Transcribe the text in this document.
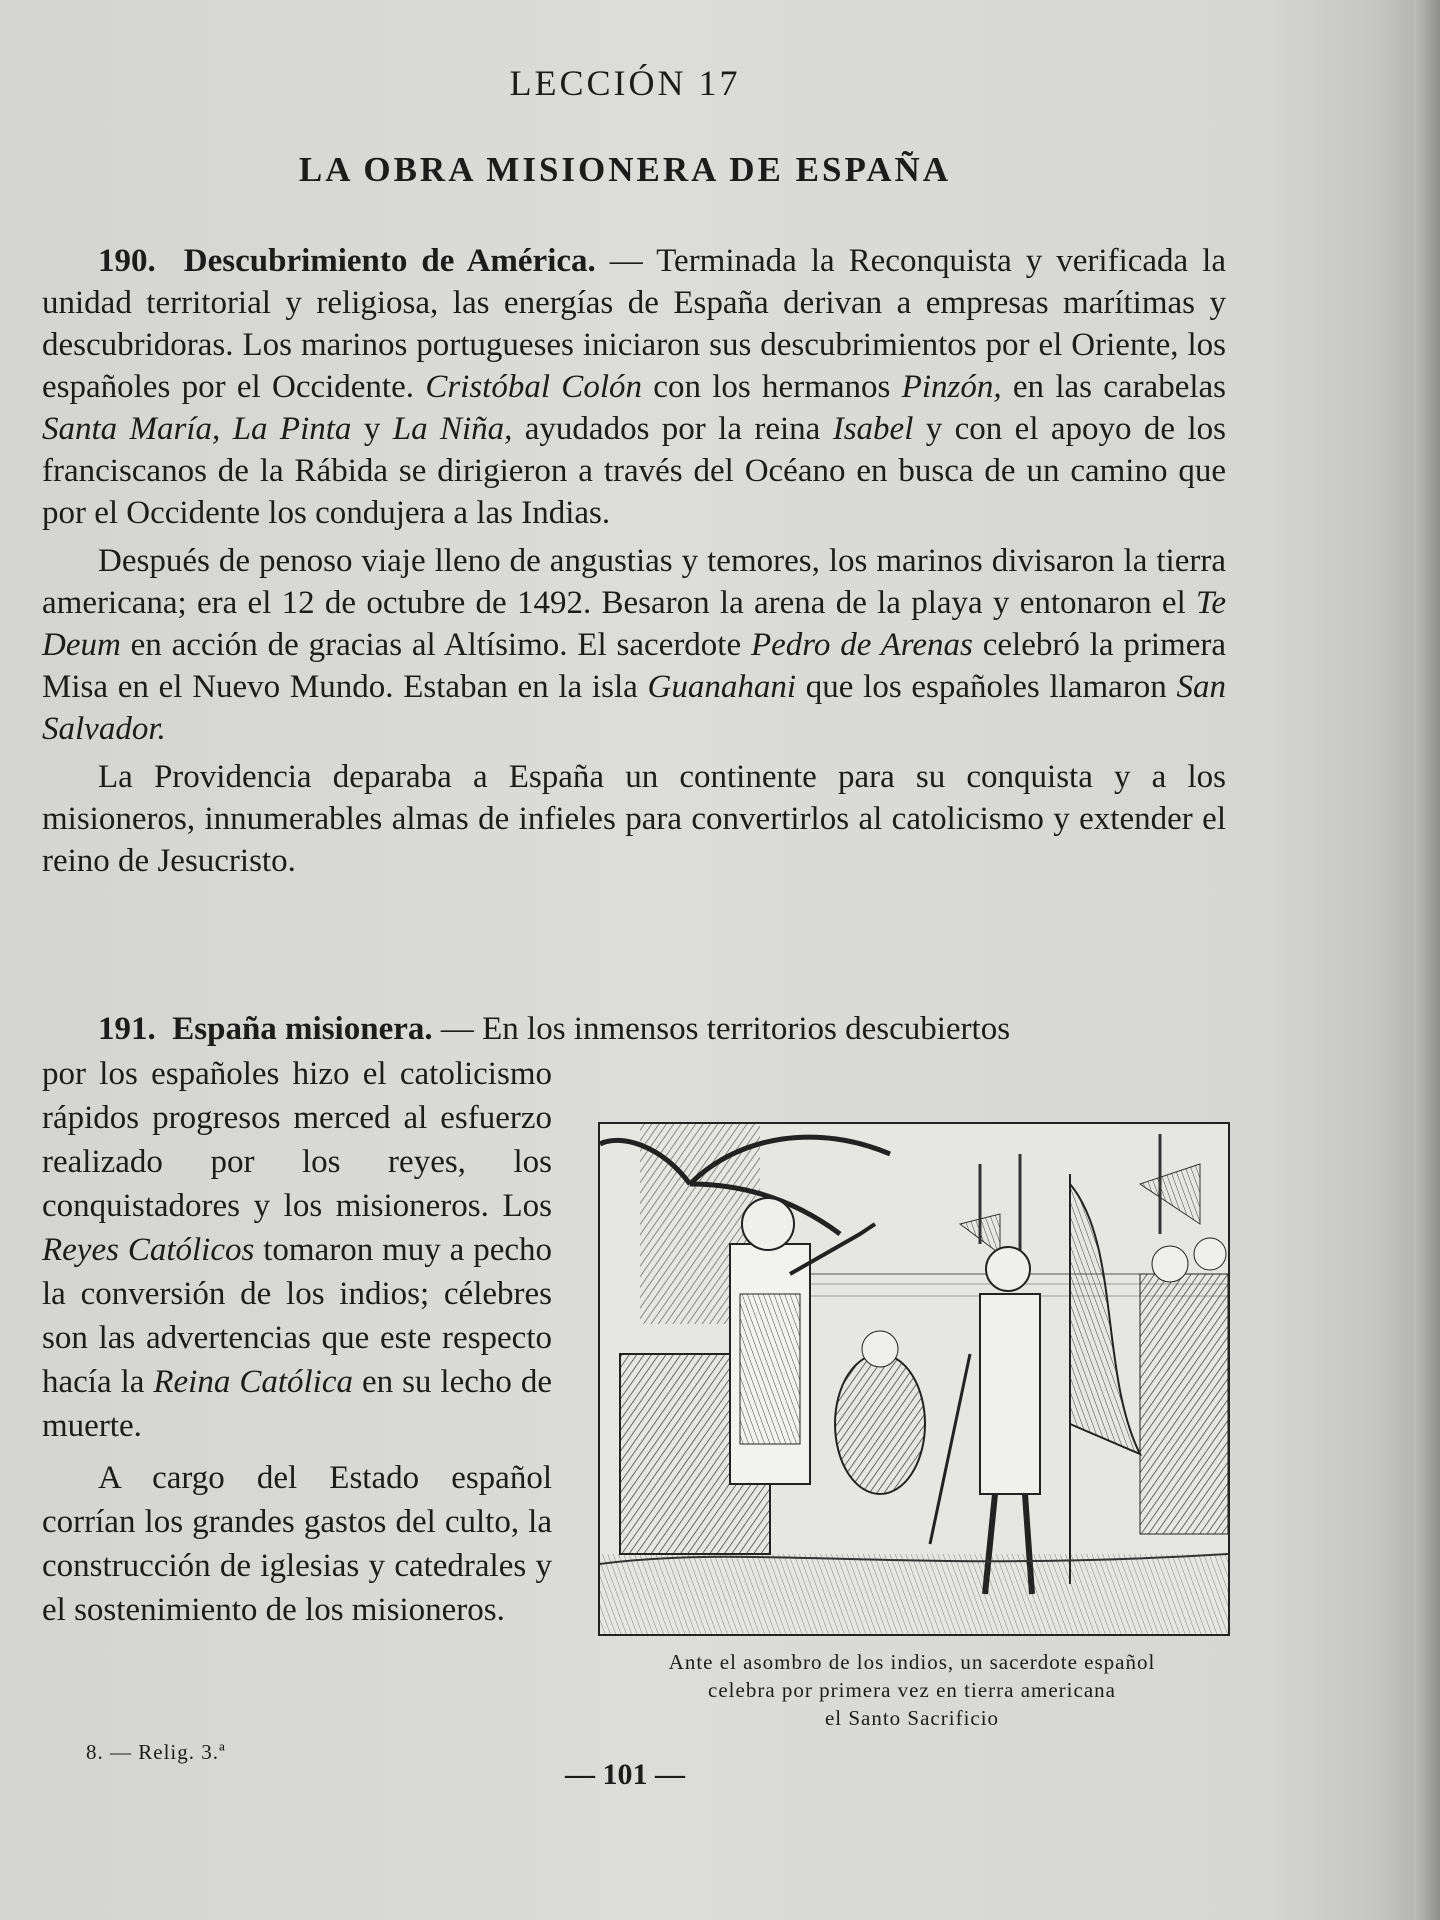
LECCIÓN 17
LA OBRA MISIONERA DE ESPAÑA

190. Descubrimiento de América. — Terminada la Reconquista y verificada la unidad territorial y religiosa, las energías de España derivan a empresas marítimas y descubridoras. Los marinos portugueses iniciaron sus descubrimientos por el Oriente, los españoles por el Occidente. Cristóbal Colón con los hermanos Pinzón, en las carabelas Santa María, La Pinta y La Niña, ayudados por la reina Isabel y con el apoyo de los franciscanos de la Rábida se dirigieron a través del Océano en busca de un camino que por el Occidente los condujera a las Indias.

Después de penoso viaje lleno de angustias y temores, los marinos divisaron la tierra americana; era el 12 de octubre de 1492. Besaron la arena de la playa y entonaron el Te Deum en acción de gracias al Altísimo. El sacerdote Pedro de Arenas celebró la primera Misa en el Nuevo Mundo. Estaban en la isla Guanahani que los españoles llamaron San Salvador.

La Providencia deparaba a España un continente para su conquista y a los misioneros, innumerables almas de infieles para convertirlos al catolicismo y extender el reino de Jesucristo.

191. España misionera. — En los inmensos territorios descubiertos

por los españoles hizo el catolicismo rápidos progresos merced al esfuerzo realizado por los reyes, los conquistadores y los misioneros. Los Reyes Católicos tomaron muy a pecho la conversión de los indios; célebres son las advertencias que este respecto hacía la Reina Católica en su lecho de muerte.

A cargo del Estado español corrían los grandes gastos del culto, la construcción de iglesias y catedrales y el sostenimiento de los misioneros.

Ante el asombro de los indios, un sacerdote español
celebra por primera vez en tierra americana
el Santo Sacrificio
8. — Relig. 3.ª
— 101 —
